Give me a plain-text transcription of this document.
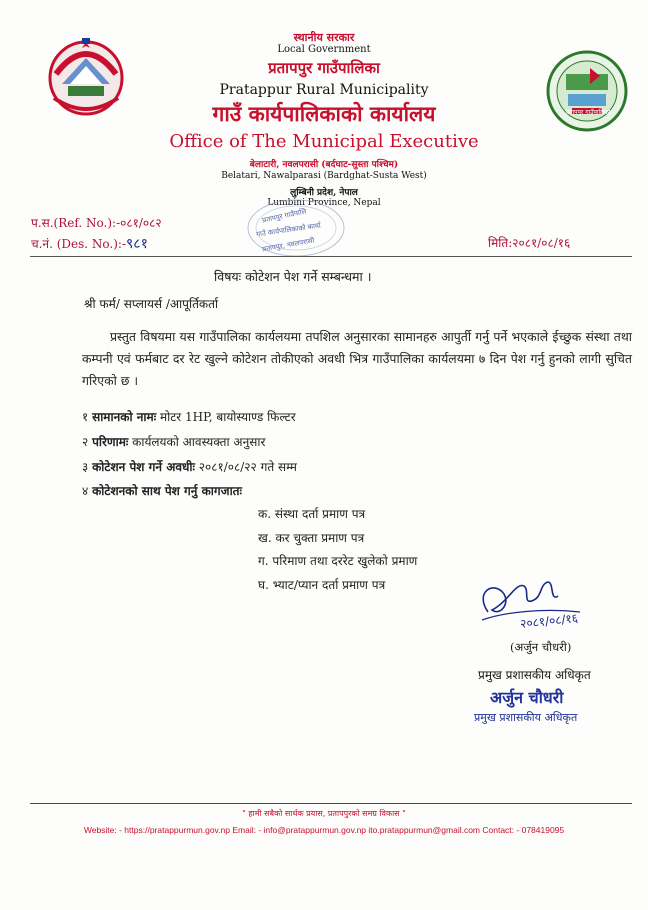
प्रतापपुर गाउँपालिका
स्थानीय सरकार
Local Government
प्रतापपुर गाउँपालिका
Pratappur Rural Municipality
गाउँ कार्यपालिकाको कार्यालय
Office of The Municipal Executive
बेलाटारी, नवलपरासी (बर्दघाट-सुस्ता पश्चिम)
Belatari, Nawalparasi (Bardghat-Susta West)
लुम्बिनी प्रदेश, नेपाल
Lumbini Province, Nepal
प.स.(Ref. No.):-०८१/०८२
च.नं. (Des. No.):-९८१	मिति:२०८१/०८/१६
प्रतापपुर गाउँपालि
गाउँ कार्यपालिकाको कार्या
प्रतापपुर, नवलपरासी
विषयः कोटेशन पेश गर्ने सम्बन्धमा ।
श्री फर्म/ सप्लायर्स /आपूर्तिकर्ता
प्रस्तुत विषयमा यस गाउँपालिका कार्यलयमा तपशिल अनुसारका सामानहरु आपुर्ती गर्नु पर्ने भएकाले ईच्छुक संस्था तथा कम्पनी एवं फर्मबाट दर रेट खुल्ने कोटेशन तोकीएको अवधी भित्र गाउँपालिका कार्यलयमा ७ दिन पेश गर्नु हुनको लागी सुचित गरिएको छ ।
१ सामानको नामः मोटर 1HP, बायोस्याण्ड फिल्टर
२ परिणामः कार्यलयको आवस्यक्ता अनुसार
३ कोटेशन पेश गर्ने अवधीः २०८१/०८/२२ गते सम्म
४ कोटेशनको साथ पेश गर्नु कागजातः
क. संस्था दर्ता प्रमाण पत्र
ख. कर चुक्ता प्रमाण पत्र
ग. परिमाण तथा दररेट खुलेको प्रमाण
घ. भ्याट/प्यान दर्ता प्रमाण पत्र
२०८१/०८/१६
(अर्जुन चौधरी)
प्रमुख प्रशासकीय अधिकृत
अर्जुन चौधरी
प्रमुख प्रशासकीय अधिकृत
" हामी सबैको सार्थक प्रयास, प्रतापपुरको समग्र विकास "
Website: - https://pratappurmun.gov.np Email: - info@pratappurmun.gov.np ito.pratappurmun@gmail.com Contact: - 078419095
